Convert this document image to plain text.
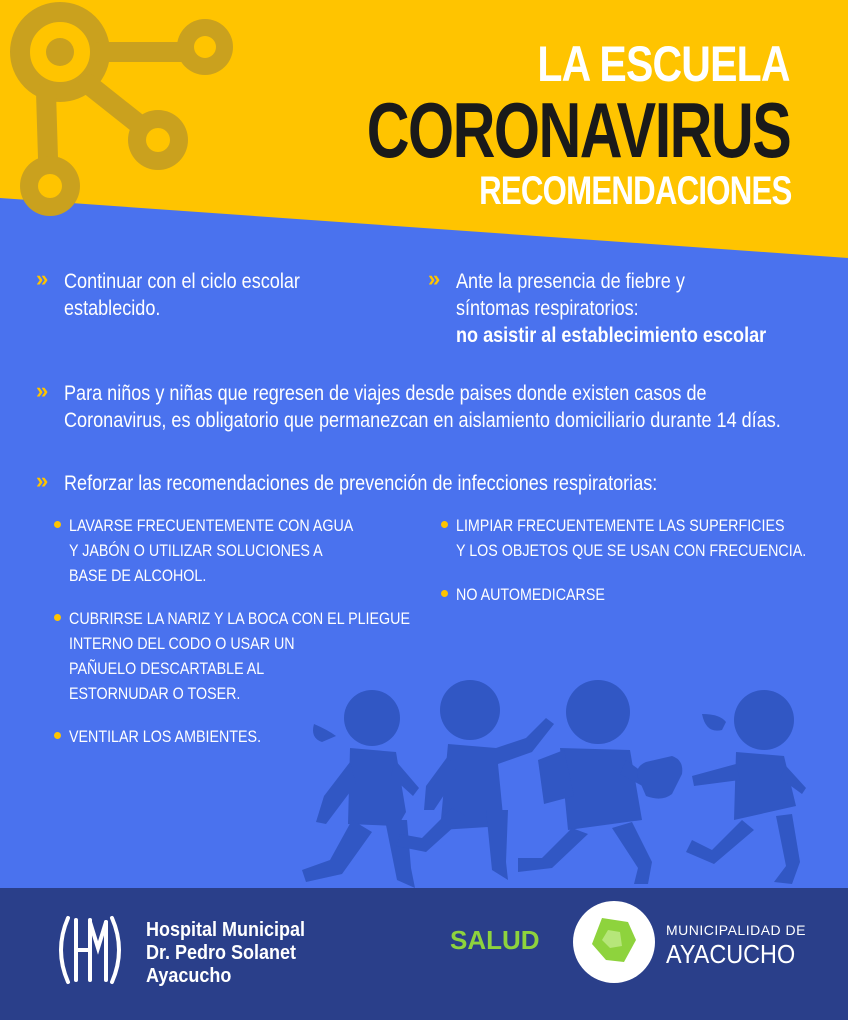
LA ESCUELA
CORONAVIRUS
RECOMENDACIONES
» Continuar con el ciclo escolar
establecido.
» Ante la presencia de fiebre y
síntomas respiratorios:
no asistir al establecimiento escolar
» Para niños y niñas que regresen de viajes desde paises donde existen casos de
Coronavirus, es obligatorio que permanezcan en aislamiento domiciliario durante 14 días.
» Reforzar las recomendaciones de prevención de infecciones respiratorias:
LAVARSE FRECUENTEMENTE CON AGUA
Y JABÓN O UTILIZAR SOLUCIONES A
BASE DE ALCOHOL.
CUBRIRSE LA NARIZ Y LA BOCA CON EL PLIEGUE
INTERNO DEL CODO O USAR UN
PAÑUELO DESCARTABLE AL
ESTORNUDAR O TOSER.
VENTILAR LOS AMBIENTES.
LIMPIAR FRECUENTEMENTE LAS SUPERFICIES
Y LOS OBJETOS QUE SE USAN CON FRECUENCIA.
NO AUTOMEDICARSE
Hospital Municipal
Dr. Pedro Solanet
Ayacucho
SALUD	MUNICIPALIDAD DE
AYACUCHO
